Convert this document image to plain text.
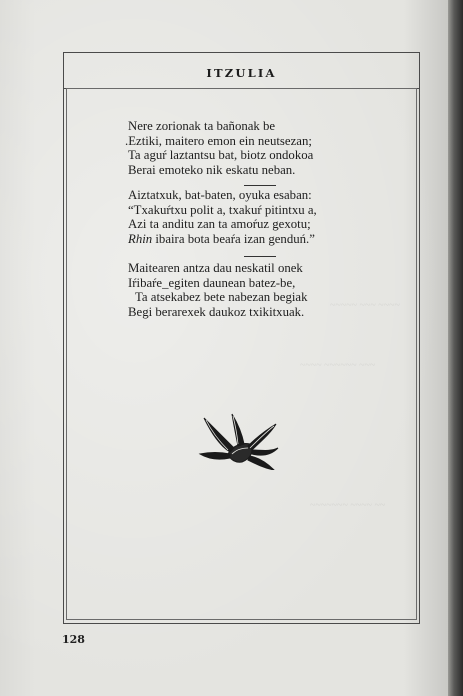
~~~~~ ~~~ ~~~~
~~~~ ~~~~~~ ~~~
~~~~~~~ ~~~~ ~~
ITZULIA
Nere zorionak ta bañonak be
.Eztiki, maitero emon ein neutsezan;
Ta aguŕ laztantsu bat, biotz ondokoa
Berai emoteko nik eskatu neban.
Aiztatxuk, bat-baten, oyuka esaban:
“Txakuŕtxu polit a, txakuŕ pitintxu a,
Azi ta anditu zan ta amoŕuz gexotu;
Rhin ibaira bota beaŕa izan genduń.”
Maitearen antza dau neskatil onek
Iŕibaŕe_egiten daunean batez-be,
Ta atsekabez bete nabezan begiak
Begi berarexek daukoz txikitxuak.
128
